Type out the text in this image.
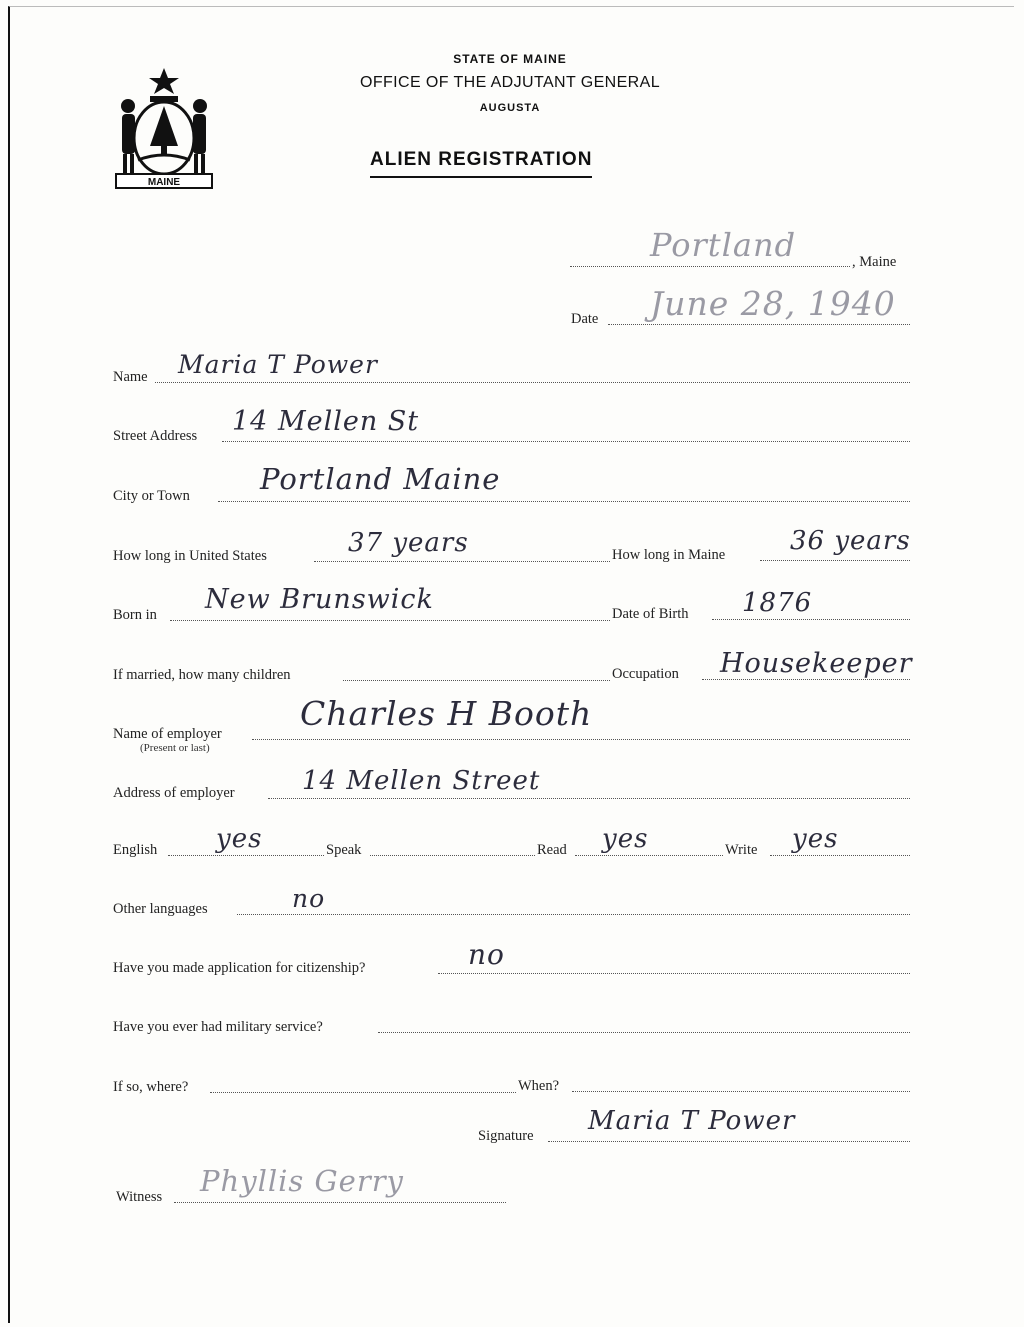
MAINE
STATE OF MAINE
OFFICE OF THE ADJUTANT GENERAL
AUGUSTA
ALIEN REGISTRATION
Portland	, Maine
Date June 28, 1940
Name Maria T Power
Street Address 14 Mellen St
City or Town Portland Maine
How long in United States	37 years	How long in Maine 36 years
Born in New Brunswick	Date of Birth 1876
If married, how many children	Occupation Housekeeper
Name of employer
(Present or last)
Charles H Booth
Address of employer	14 Mellen Street
English yes	Speak	Read yes	Write yes
Other languages	no
Have you made application for citizenship?	no
Have you ever had military service?
If so, where?	When?
Signature Maria T Power
Witness Phyllis Gerry
